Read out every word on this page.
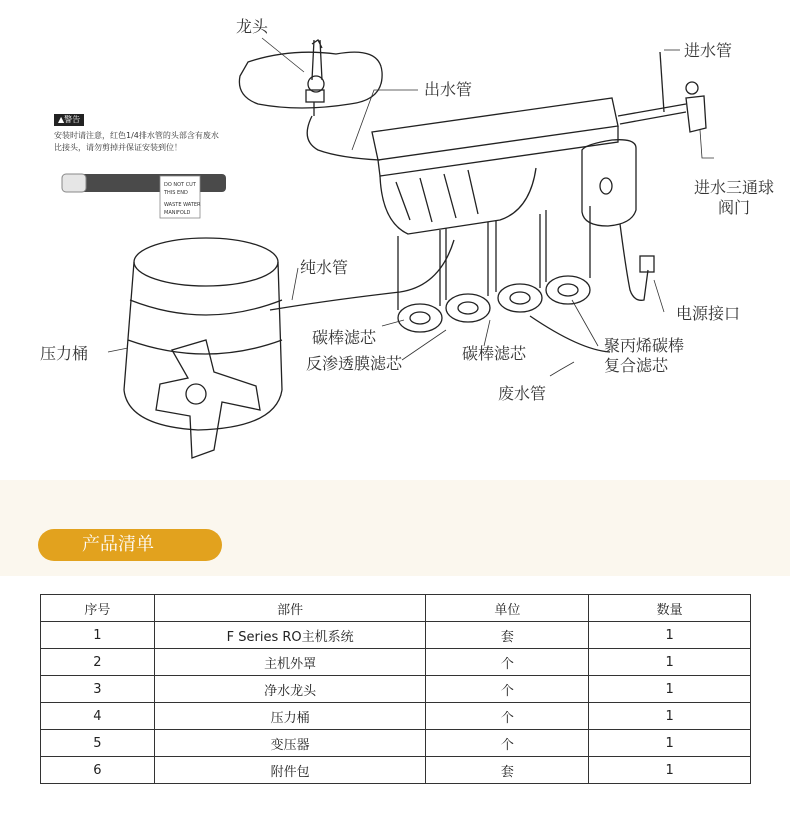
DO NOT CUT
THIS END
WASTE WATER
MANIFOLD
▲警告
安装时请注意，红色1/4排水管的头部含有废水
比接头，请勿剪掉并保证安装到位！
龙头
出水管
进水管
进水三通球
阀门
纯水管
压力桶
碳棒滤芯
反渗透膜滤芯
碳棒滤芯
电源接口
聚丙烯碳棒
复合滤芯
废水管
产品清单
序号	部件	单位	数量
1	F Series RO主机系统	套	1
2	主机外罩	个	1
3	净水龙头	个	1
4	压力桶	个	1
5	变压器	个	1
6	附件包	套	1
